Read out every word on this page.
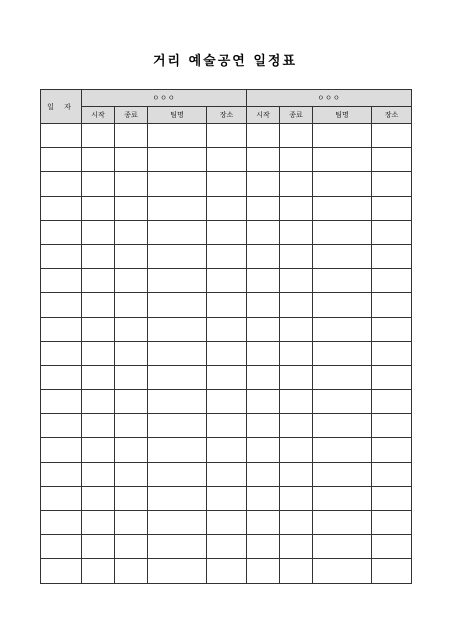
거리 예술공연 일정표
일 자	ㅇㅇㅇ				ㅇㅇㅇ			
	시작	종료	팀명	장소	시작	종료	팀명	장소
